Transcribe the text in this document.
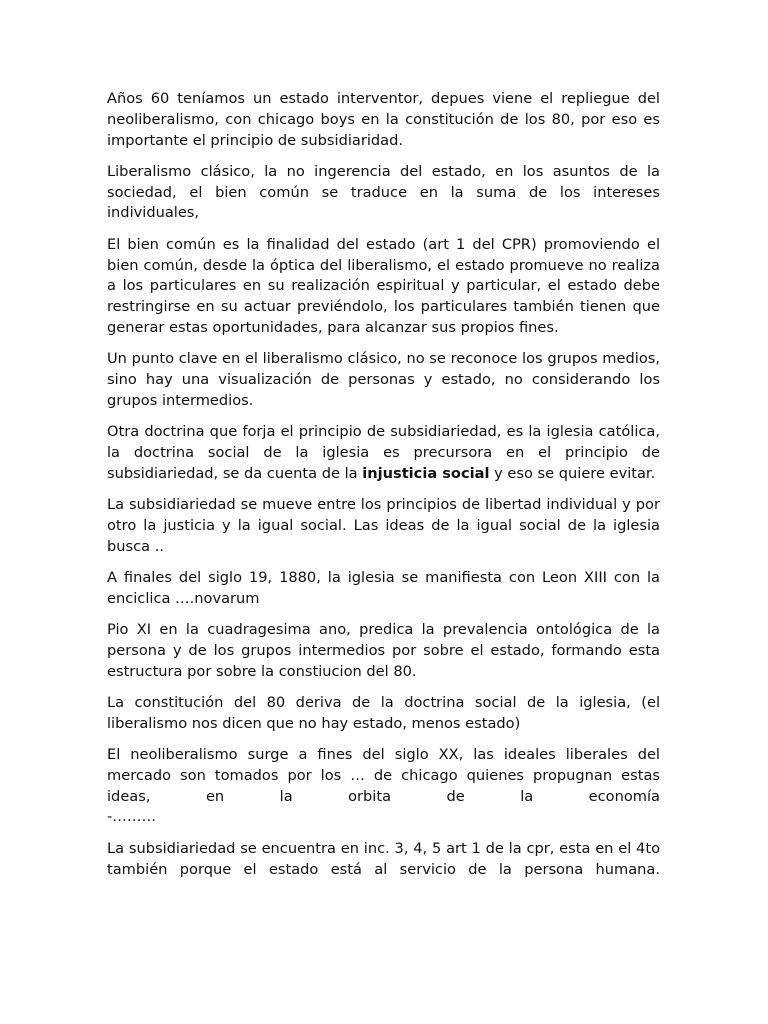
Años 60 teníamos un estado interventor, depues viene el repliegue del neoliberalismo, con chicago boys en la constitución de los 80, por eso es importante el principio de subsidiaridad.

Liberalismo clásico, la no ingerencia del estado, en los asuntos de la sociedad, el bien común se traduce en la suma de los intereses individuales,

El bien común es la finalidad del estado (art 1 del CPR) promoviendo el bien común, desde la óptica del liberalismo, el estado promueve no realiza a los particulares en su realización espiritual y particular, el estado debe restringirse en su actuar previéndolo, los particulares también tienen que generar estas oportunidades, para alcanzar sus propios fines.

Un punto clave en el liberalismo clásico, no se reconoce los grupos medios, sino hay una visualización de personas y estado, no considerando los grupos intermedios.

Otra doctrina que forja el principio de subsidiariedad, es la iglesia católica, la doctrina social de la iglesia es precursora en el principio de subsidiariedad, se da cuenta de la injusticia social y eso se quiere evitar.

La subsidiariedad se mueve entre los principios de libertad individual y por otro la justicia y la igual social. Las ideas de la igual social de la iglesia busca ..

A finales del siglo 19, 1880, la iglesia se manifiesta con Leon XIII con la enciclica ….novarum

Pio XI en la cuadragesima ano, predica la prevalencia ontológica de la persona y de los grupos intermedios por sobre el estado, formando esta estructura por sobre la constiucion del 80.

La constitución del 80 deriva de la doctrina social de la iglesia, (el liberalismo nos dicen que no hay estado, menos estado)

El neoliberalismo surge a fines del siglo XX, las ideales liberales del mercado son tomados por los … de chicago quienes propugnan estas ideas, en la orbita de la economía
-………

La subsidiariedad se encuentra en inc. 3, 4, 5 art 1 de la cpr, esta en el 4to también porque el estado está al servicio de la persona humana.
